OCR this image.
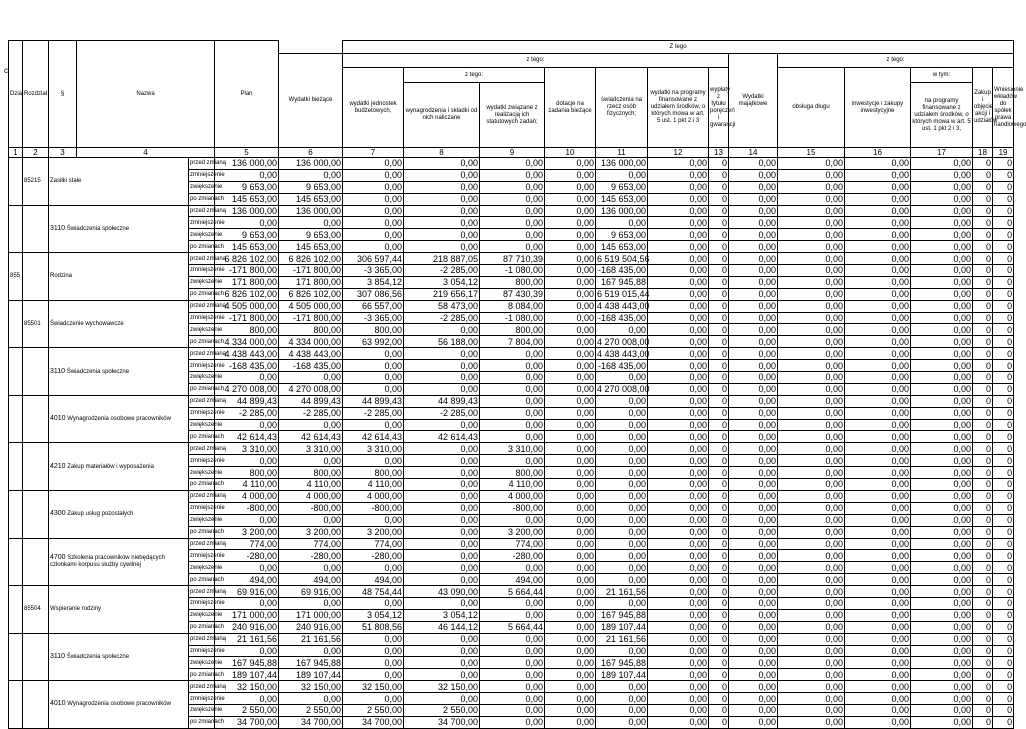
c
Dział	Rozdział	§	Nazwa		Plan		Z tego												
						Wydatki bieżące	z tego:							Wydatki majątkowe	z tego:				
							wydatki jednostek budżetowych,	z tego:		dotacje na zadania bieżące	świadczenia na rzecz osób fizycznych;	wydatki na programy finansowane z udziałem środków, o których mowa w art. 5 ust. 1 pkt 2 i 3	wypłaty z tytułu poręczeń i gwarancji		obsługa długu	inwestycje i zakupy inwestycyjne	w tym:	Zakup i objęcie akcji i udziałów	Wniesienie wkładów do spółek prawa handlowego
								wynagrodzenia i składki od nich naliczane	wydatki związane z realizacją ich statutowych zadań;								na programy finansowane z udziałem środków, o których mowa w art. 5 ust. 1 pkt 2 i 3,		
1	2	3	4		5	6	7	8	9	10	11	12	13	14	15	16	17	18	19
	85215	Zasiłki stałe		przed zmianą	136 000,00	136 000,00	0,00	0,00	0,00	0,00	136 000,00	0,00	0	0,00	0,00	0,00	0,00	0	0
				zmniejszenie	0,00	0,00	0,00	0,00	0,00	0,00	0,00	0,00	0	0,00	0,00	0,00	0,00	0	0
				zwiększenie	9 653,00	9 653,00	0,00	0,00	0,00	0,00	9 653,00	0,00	0	0,00	0,00	0,00	0,00	0	0
				po zmianach	145 653,00	145 653,00	0,00	0,00	0,00	0,00	145 653,00	0,00	0	0,00	0,00	0,00	0,00	0	0
		3110 Świadczenia społeczne		przed zmianą	136 000,00	136 000,00	0,00	0,00	0,00	0,00	136 000,00	0,00	0	0,00	0,00	0,00	0,00	0	0
				zmniejszenie	0,00	0,00	0,00	0,00	0,00	0,00	0,00	0,00	0	0,00	0,00	0,00	0,00	0	0
				zwiększenie	9 653,00	9 653,00	0,00	0,00	0,00	0,00	9 653,00	0,00	0	0,00	0,00	0,00	0,00	0	0
				po zmianach	145 653,00	145 653,00	0,00	0,00	0,00	0,00	145 653,00	0,00	0	0,00	0,00	0,00	0,00	0	0
855		Rodzina		przed zmianą	6 826 102,00	6 826 102,00	306 597,44	218 887,05	87 710,39	0,00	6 519 504,56	0,00	0	0,00	0,00	0,00	0,00	0	0
				zmniejszenie	-171 800,00	-171 800,00	-3 365,00	-2 285,00	-1 080,00	0,00	-168 435,00	0,00	0	0,00	0,00	0,00	0,00	0	0
				zwiększenie	171 800,00	171 800,00	3 854,12	3 054,12	800,00	0,00	167 945,88	0,00	0	0,00	0,00	0,00	0,00	0	0
				po zmianach	6 826 102,00	6 826 102,00	307 086,56	219 656,17	87 430,39	0,00	6 519 015,44	0,00	0	0,00	0,00	0,00	0,00	0	0
	85501	Świadczenie wychowawcze		przed zmianą	4 505 000,00	4 505 000,00	66 557,00	58 473,00	8 084,00	0,00	4 438 443,00	0,00	0	0,00	0,00	0,00	0,00	0	0
				zmniejszenie	-171 800,00	-171 800,00	-3 365,00	-2 285,00	-1 080,00	0,00	-168 435,00	0,00	0	0,00	0,00	0,00	0,00	0	0
				zwiększenie	800,00	800,00	800,00	0,00	800,00	0,00	0,00	0,00	0	0,00	0,00	0,00	0,00	0	0
				po zmianach	4 334 000,00	4 334 000,00	63 992,00	56 188,00	7 804,00	0,00	4 270 008,00	0,00	0	0,00	0,00	0,00	0,00	0	0
		3110 Świadczenia społeczne		przed zmianą	4 438 443,00	4 438 443,00	0,00	0,00	0,00	0,00	4 438 443,00	0,00	0	0,00	0,00	0,00	0,00	0	0
				zmniejszenie	-168 435,00	-168 435,00	0,00	0,00	0,00	0,00	-168 435,00	0,00	0	0,00	0,00	0,00	0,00	0	0
				zwiększenie	0,00	0,00	0,00	0,00	0,00	0,00	0,00	0,00	0	0,00	0,00	0,00	0,00	0	0
				po zmianach	4 270 008,00	4 270 008,00	0,00	0,00	0,00	0,00	4 270 008,00	0,00	0	0,00	0,00	0,00	0,00	0	0
		4010 Wynagrodzenia osobowe pracowników		przed zmianą	44 899,43	44 899,43	44 899,43	44 899,43	0,00	0,00	0,00	0,00	0	0,00	0,00	0,00	0,00	0	0
				zmniejszenie	-2 285,00	-2 285,00	-2 285,00	-2 285,00	0,00	0,00	0,00	0,00	0	0,00	0,00	0,00	0,00	0	0
				zwiększenie	0,00	0,00	0,00	0,00	0,00	0,00	0,00	0,00	0	0,00	0,00	0,00	0,00	0	0
				po zmianach	42 614,43	42 614,43	42 614,43	42 614,43	0,00	0,00	0,00	0,00	0	0,00	0,00	0,00	0,00	0	0
		4210 Zakup materiałów i wyposażenia		przed zmianą	3 310,00	3 310,00	3 310,00	0,00	3 310,00	0,00	0,00	0,00	0	0,00	0,00	0,00	0,00	0	0
				zmniejszenie	0,00	0,00	0,00	0,00	0,00	0,00	0,00	0,00	0	0,00	0,00	0,00	0,00	0	0
				zwiększenie	800,00	800,00	800,00	0,00	800,00	0,00	0,00	0,00	0	0,00	0,00	0,00	0,00	0	0
				po zmianach	4 110,00	4 110,00	4 110,00	0,00	4 110,00	0,00	0,00	0,00	0	0,00	0,00	0,00	0,00	0	0
		4300 Zakup usług pozostałych		przed zmianą	4 000,00	4 000,00	4 000,00	0,00	4 000,00	0,00	0,00	0,00	0	0,00	0,00	0,00	0,00	0	0
				zmniejszenie	-800,00	-800,00	-800,00	0,00	-800,00	0,00	0,00	0,00	0	0,00	0,00	0,00	0,00	0	0
				zwiększenie	0,00	0,00	0,00	0,00	0,00	0,00	0,00	0,00	0	0,00	0,00	0,00	0,00	0	0
				po zmianach	3 200,00	3 200,00	3 200,00	0,00	3 200,00	0,00	0,00	0,00	0	0,00	0,00	0,00	0,00	0	0
		4700 Szkolenia pracowników niebędących członkami korpusu służby cywilnej		przed zmianą	774,00	774,00	774,00	0,00	774,00	0,00	0,00	0,00	0	0,00	0,00	0,00	0,00	0	0
				zmniejszenie	-280,00	-280,00	-280,00	0,00	-280,00	0,00	0,00	0,00	0	0,00	0,00	0,00	0,00	0	0
				zwiększenie	0,00	0,00	0,00	0,00	0,00	0,00	0,00	0,00	0	0,00	0,00	0,00	0,00	0	0
				po zmianach	494,00	494,00	494,00	0,00	494,00	0,00	0,00	0,00	0	0,00	0,00	0,00	0,00	0	0
	85504	Wspieranie rodziny		przed zmianą	69 916,00	69 916,00	48 754,44	43 090,00	5 664,44	0,00	21 161,56	0,00	0	0,00	0,00	0,00	0,00	0	0
				zmniejszenie	0,00	0,00	0,00	0,00	0,00	0,00	0,00	0,00	0	0,00	0,00	0,00	0,00	0	0
				zwiększenie	171 000,00	171 000,00	3 054,12	3 054,12	0,00	0,00	167 945,88	0,00	0	0,00	0,00	0,00	0,00	0	0
				po zmianach	240 916,00	240 916,00	51 808,56	46 144,12	5 664,44	0,00	189 107,44	0,00	0	0,00	0,00	0,00	0,00	0	0
		3110 Świadczenia społeczne		przed zmianą	21 161,56	21 161,56	0,00	0,00	0,00	0,00	21 161,56	0,00	0	0,00	0,00	0,00	0,00	0	0
				zmniejszenie	0,00	0,00	0,00	0,00	0,00	0,00	0,00	0,00	0	0,00	0,00	0,00	0,00	0	0
				zwiększenie	167 945,88	167 945,88	0,00	0,00	0,00	0,00	167 945,88	0,00	0	0,00	0,00	0,00	0,00	0	0
				po zmianach	189 107,44	189 107,44	0,00	0,00	0,00	0,00	189 107,44	0,00	0	0,00	0,00	0,00	0,00	0	0
		4010 Wynagrodzenia osobowe pracowników		przed zmianą	32 150,00	32 150,00	32 150,00	32 150,00	0,00	0,00	0,00	0,00	0	0,00	0,00	0,00	0,00	0	0
				zmniejszenie	0,00	0,00	0,00	0,00	0,00	0,00	0,00	0,00	0	0,00	0,00	0,00	0,00	0	0
				zwiększenie	2 550,00	2 550,00	2 550,00	2 550,00	0,00	0,00	0,00	0,00	0	0,00	0,00	0,00	0,00	0	0
				po zmianach	34 700,00	34 700,00	34 700,00	34 700,00	0,00	0,00	0,00	0,00	0	0,00	0,00	0,00	0,00	0	0
